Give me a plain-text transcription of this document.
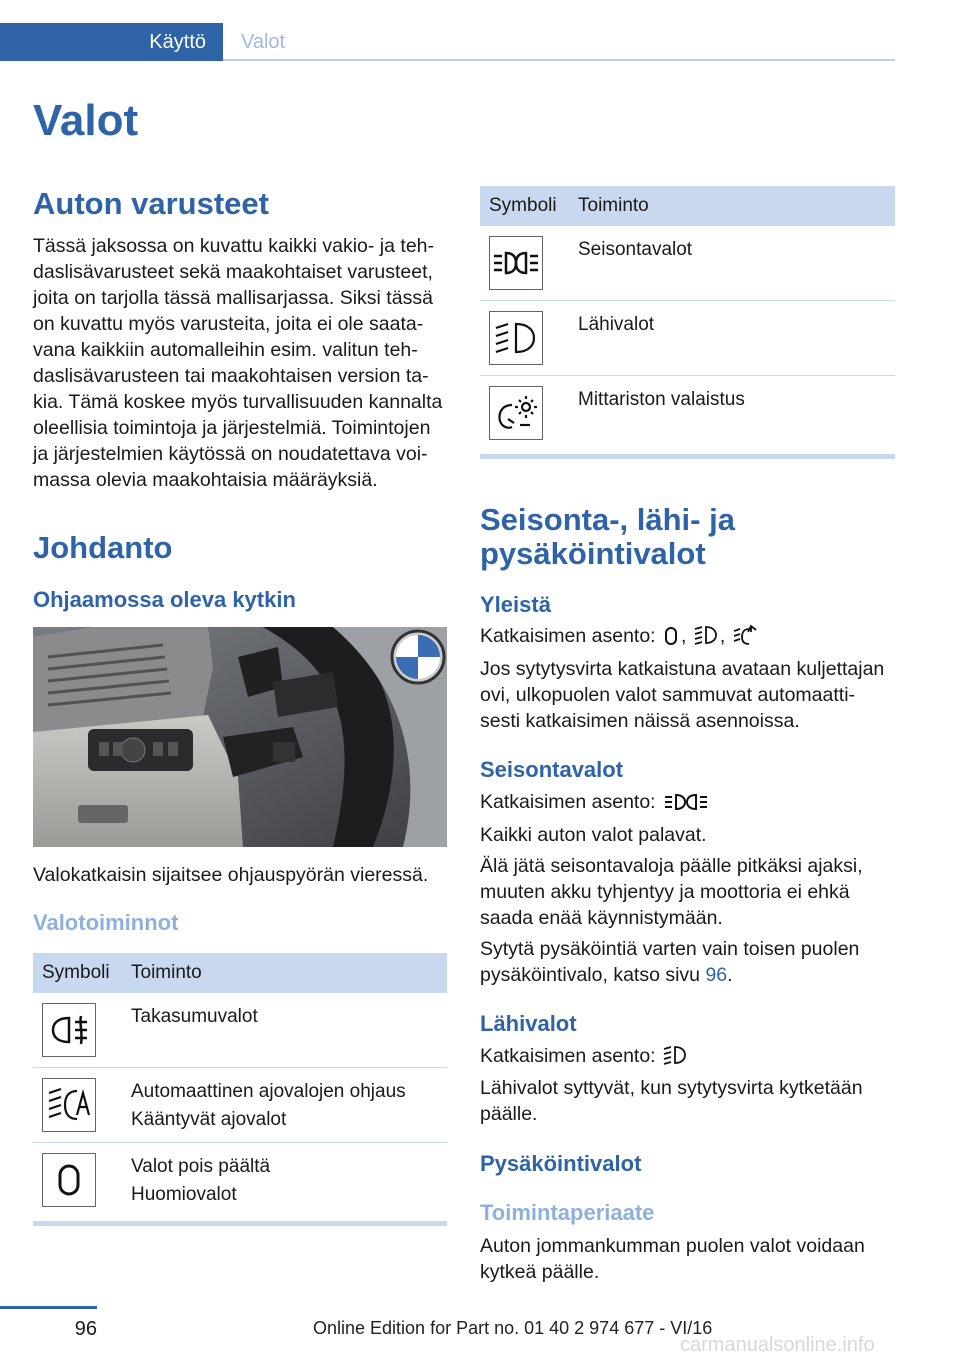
Käyttö	Valot
Valot
Auton varusteet
Tässä jaksossa on kuvattu kaikki vakio- ja teh-
daslisävarusteet sekä maakohtaiset varusteet,
joita on tarjolla tässä mallisarjassa. Siksi tässä
on kuvattu myös varusteita, joita ei ole saata-
vana kaikkiin automalleihin esim. valitun teh-
daslisävarusteen tai maakohtaisen version ta-
kia. Tämä koskee myös turvallisuuden kannalta
oleellisia toimintoja ja järjestelmiä. Toimintojen
ja järjestelmien käytössä on noudatettava voi-
massa olevia maakohtaisia määräyksiä.
Johdanto
Ohjaamossa oleva kytkin
Valokatkaisin sijaitsee ohjauspyörän vieressä.
Valotoiminnot
Symboli	Toiminto

Takasumuvalot

Automaattinen ajovalojen ohjaus
Kääntyvät ajovalot

Valot pois päältä
Huomiovalot
Symboli	Toiminto

Seisontavalot

Lähivalot

Mittariston valaistus
Seisonta-, lähi- ja
pysäköintivalot
Yleistä
Katkaisimen asento: , ,
Jos sytytysvirta katkaistuna avataan kuljettajan
ovi, ulkopuolen valot sammuvat automaatti-
sesti katkaisimen näissä asennoissa.
Seisontavalot
Katkaisimen asento:
Kaikki auton valot palavat.
Älä jätä seisontavaloja päälle pitkäksi ajaksi,
muuten akku tyhjentyy ja moottoria ei ehkä
saada enää käynnistymään.
Sytytä pysäköintiä varten vain toisen puolen
pysäköintivalo, katso sivu 96.
Lähivalot
Katkaisimen asento:
Lähivalot syttyvät, kun sytytysvirta kytketään
päälle.
Pysäköintivalot
Toimintaperiaate
Auton jommankumman puolen valot voidaan
kytkeä päälle.
96	Online Edition for Part no. 01 40 2 974 677 - VI/16
carmanualsonline.info
